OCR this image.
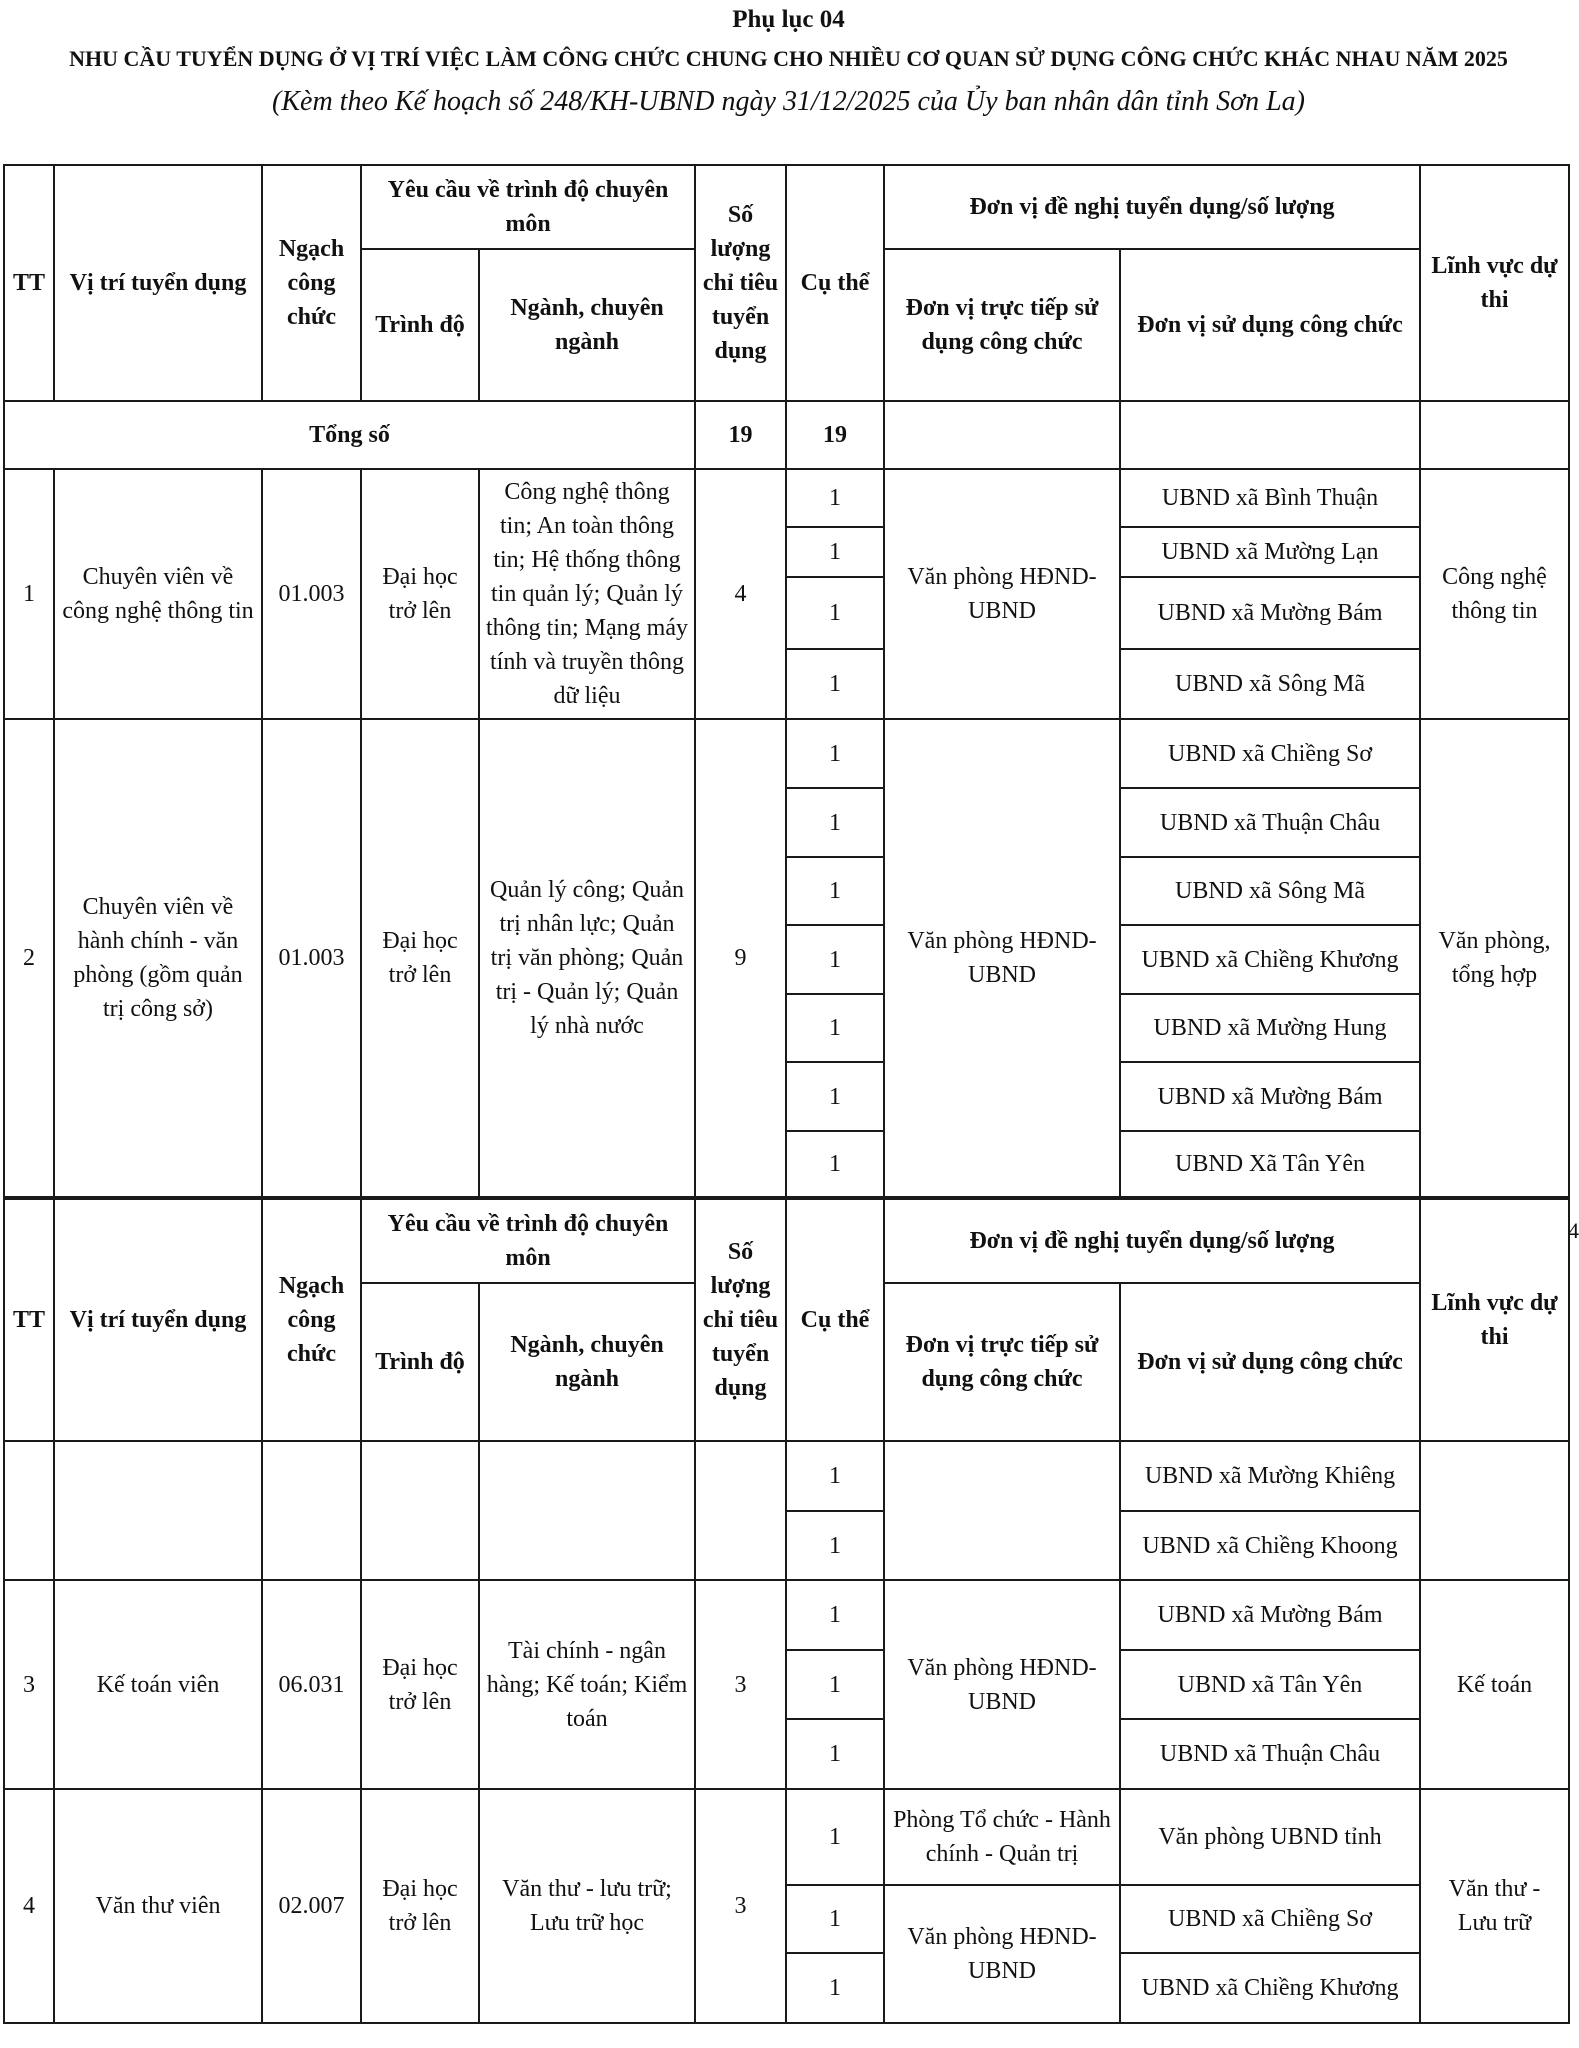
Phụ lục 04
NHU CẦU TUYỂN DỤNG Ở VỊ TRÍ VIỆC LÀM CÔNG CHỨC CHUNG CHO NHIỀU CƠ QUAN SỬ DỤNG CÔNG CHỨC KHÁC NHAU NĂM 2025
(Kèm theo Kế hoạch số 248/KH-UBND ngày 31/12/2025 của Ủy ban nhân dân tỉnh Sơn La)
4
TT	Vị trí tuyển dụng	Ngạch công chức	Yêu cầu về trình độ chuyên môn		Số lượng chỉ tiêu tuyển dụng	Cụ thể	Đơn vị đề nghị tuyển dụng/số lượng		Lĩnh vực dự thi
			Trình độ	Ngành, chuyên ngành			Đơn vị trực tiếp sử dụng công chức	Đơn vị sử dụng công chức	
Tổng số					19	19			
1	Chuyên viên về công nghệ thông tin	01.003	Đại học trở lên	Công nghệ thông tin; An toàn thông tin; Hệ thống thông tin quản lý; Quản lý thông tin; Mạng máy tính và truyền thông dữ liệu	4	1	Văn phòng HĐND-UBND	UBND xã Bình Thuận	Công nghệ thông tin
						1		UBND xã Mường Lạn	
						1		UBND xã Mường Bám	
						1		UBND xã Sông Mã	
2	Chuyên viên về hành chính - văn phòng (gồm quản trị công sở)	01.003	Đại học trở lên	Quản lý công; Quản trị nhân lực; Quản trị văn phòng; Quản trị - Quản lý; Quản lý nhà nước	9	1	Văn phòng HĐND-UBND	UBND xã Chiềng Sơ	Văn phòng, tổng hợp
						1		UBND xã Thuận Châu	
						1		UBND xã Sông Mã	
						1		UBND xã Chiềng Khương	
						1		UBND xã Mường Hung	
						1		UBND xã Mường Bám	
						1		UBND Xã Tân Yên	
TT	Vị trí tuyển dụng	Ngạch công chức	Yêu cầu về trình độ chuyên môn		Số lượng chỉ tiêu tuyển dụng	Cụ thể	Đơn vị đề nghị tuyển dụng/số lượng		Lĩnh vực dự thi
			Trình độ	Ngành, chuyên ngành			Đơn vị trực tiếp sử dụng công chức	Đơn vị sử dụng công chức	
						1		UBND xã Mường Khiêng	
						1		UBND xã Chiềng Khoong	
3	Kế toán viên	06.031	Đại học trở lên	Tài chính - ngân hàng; Kế toán; Kiểm toán	3	1	Văn phòng HĐND-UBND	UBND xã Mường Bám	Kế toán
						1		UBND xã Tân Yên	
						1		UBND xã Thuận Châu	
4	Văn thư viên	02.007	Đại học trở lên	Văn thư - lưu trữ; Lưu trữ học	3	1	Phòng Tổ chức - Hành chính - Quản trị	Văn phòng UBND tỉnh	Văn thư - Lưu trữ
						1	Văn phòng HĐND-UBND	UBND xã Chiềng Sơ	
						1		UBND xã Chiềng Khương	
